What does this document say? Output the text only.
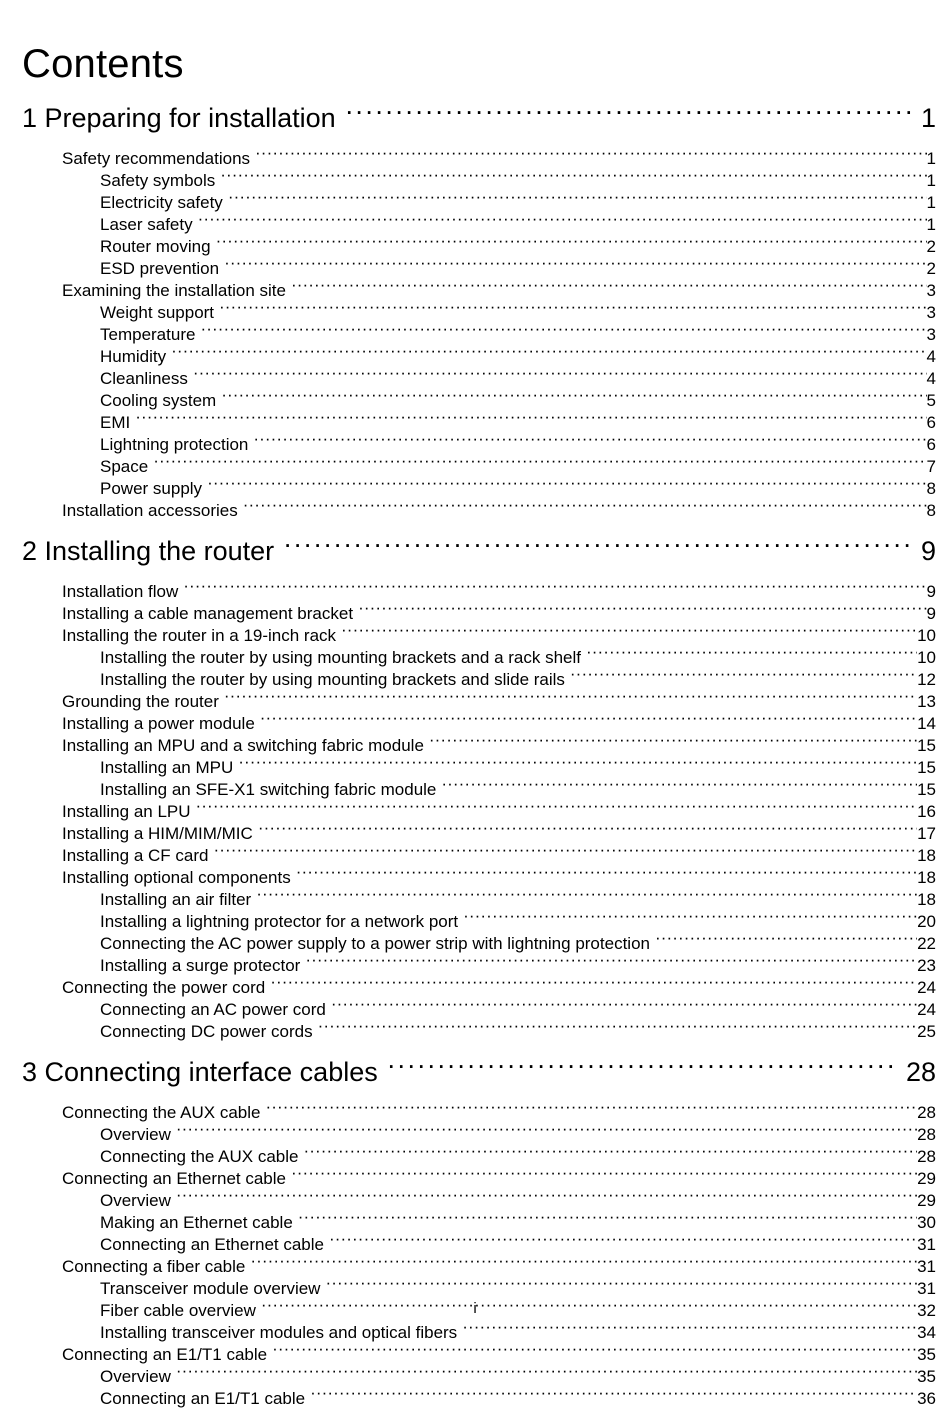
Contents
1 Preparing for installation ·····	1
Safety recommendations ·····	1
Safety symbols ·····	1
Electricity safety ·····	1
Laser safety ·····	1
Router moving ·····	2
ESD prevention ·····	2
Examining the installation site ·····	3
Weight support ·····	3
Temperature ·····	3
Humidity ·····	4
Cleanliness ·····	4
Cooling system ·····	5
EMI ·····	6
Lightning protection ·····	6
Space ·····	7
Power supply ·····	8
Installation accessories ·····	8
2 Installing the router ·····	9
Installation flow ·····	9
Installing a cable management bracket ·····	9
Installing the router in a 19-inch rack ·····	10
Installing the router by using mounting brackets and a rack shelf ·····	10
Installing the router by using mounting brackets and slide rails ·····	12
Grounding the router ·····	13
Installing a power module ·····	14
Installing an MPU and a switching fabric module ·····	15
Installing an MPU ·····	15
Installing an SFE-X1 switching fabric module ·····	15
Installing an LPU ·····	16
Installing a HIM/MIM/MIC ·····	17
Installing a CF card ·····	18
Installing optional components ·····	18
Installing an air filter ·····	18
Installing a lightning protector for a network port ·····	20
Connecting the AC power supply to a power strip with lightning protection ·····	22
Installing a surge protector ·····	23
Connecting the power cord ·····	24
Connecting an AC power cord ·····	24
Connecting DC power cords ·····	25
3 Connecting interface cables ·····	28
Connecting the AUX cable ·····	28
Overview ·····	28
Connecting the AUX cable ·····	28
Connecting an Ethernet cable ·····	29
Overview ·····	29
Making an Ethernet cable ·····	30
Connecting an Ethernet cable ·····	31
Connecting a fiber cable ·····	31
Transceiver module overview ·····	31
Fiber cable overview ·····	32
Installing transceiver modules and optical fibers ·····	34
Connecting an E1/T1 cable ·····	35
Overview ·····	35
Connecting an E1/T1 cable ·····	36
i
